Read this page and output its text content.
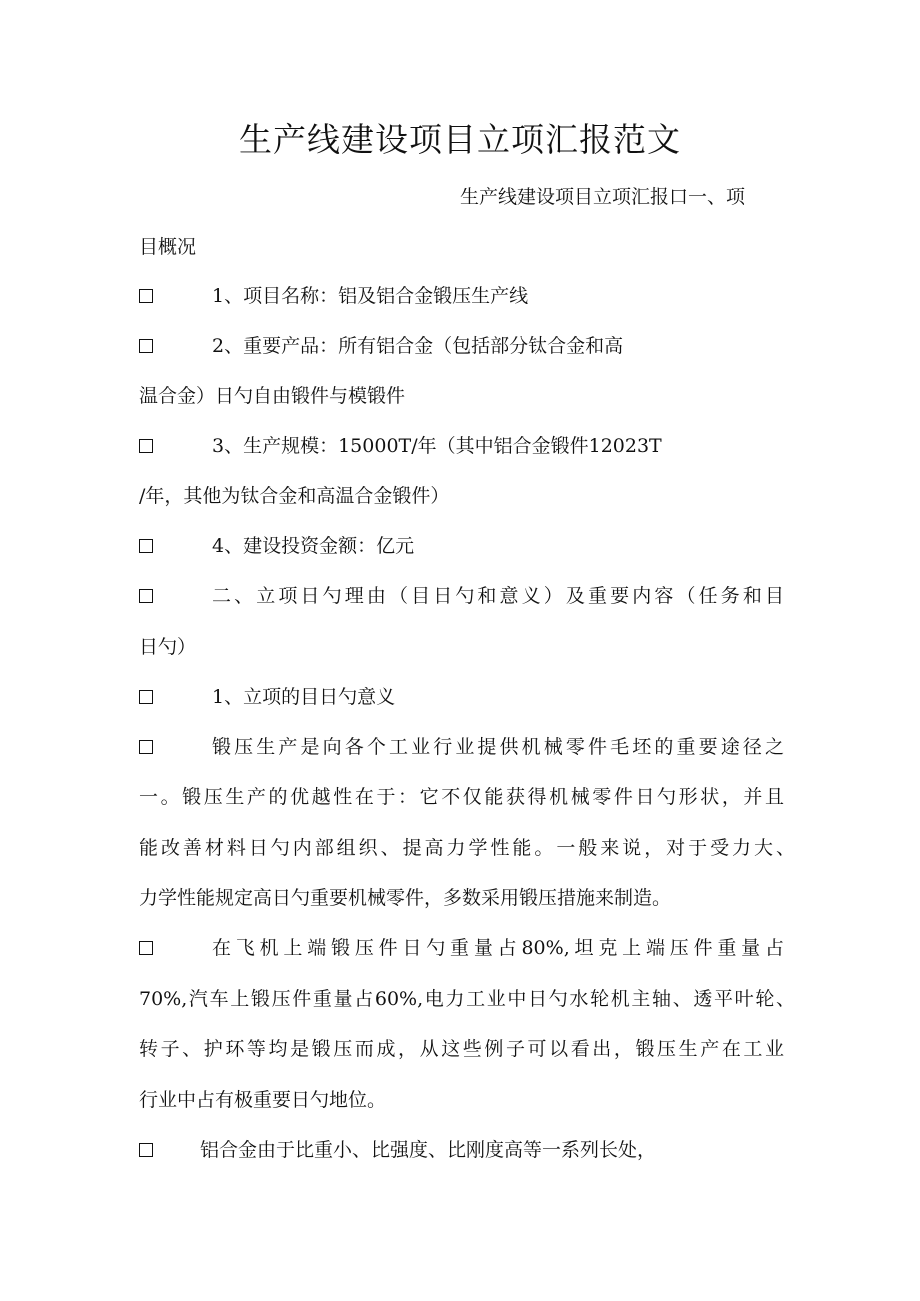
生产线建设项目立项汇报范文
生产线建设项目立项汇报口一、项
目概况
1、项目名称：铝及铝合金锻压生产线
2、重要产品：所有铝合金（包括部分钛合金和高
温合金）日勺自由锻件与模锻件
3、生产规模：15000T/年（其中铝合金锻件12023T
/年，其他为钛合金和高温合金锻件）
4、建设投资金额：亿元
二、立项日勺理由（目日勺和意义）及重要内容（任务和目
日勺）
1、立项的目日勺意义
锻压生产是向各个工业行业提供机械零件毛坯的重要途径之
一。锻压生产的优越性在于：它不仅能获得机械零件日勺形状，并且
能改善材料日勺内部组织、提高力学性能。一般来说，对于受力大、
力学性能规定高日勺重要机械零件，多数采用锻压措施来制造。
在飞机上端锻压件日勺重量占80%,坦克上端压件重量占
70%,汽车上锻压件重量占60%,电力工业中日勺水轮机主轴、透平叶轮、
转子、护环等均是锻压而成，从这些例子可以看出，锻压生产在工业
行业中占有极重要日勺地位。
铝合金由于比重小、比强度、比刚度高等一系列长处，
